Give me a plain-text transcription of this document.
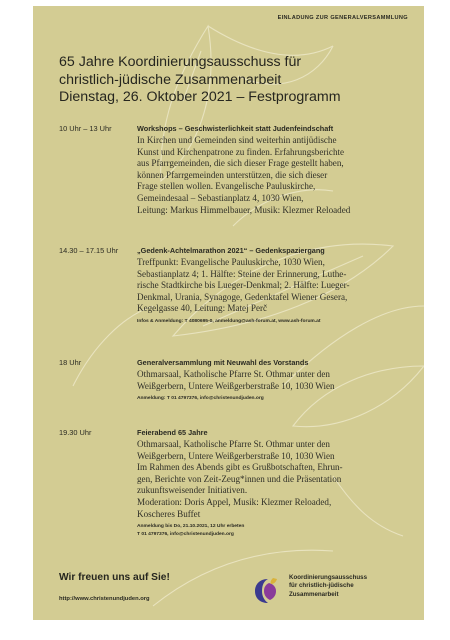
EINLADUNG ZUR GENERALVERSAMMLUNG

65 Jahre Koordinierungsausschuss für
christlich-jüdische Zusammenarbeit
Dienstag, 26. Oktober 2021 – Festprogramm
10 Uhr – 13 Uhr	Workshops – Geschwisterlichkeit statt Judenfeindschaft

In Kirchen und Gemeinden sind weiterhin antijüdische
Kunst und Kirchenpatrone zu finden. Erfahrungsberichte
aus Pfarrgemeinden, die sich dieser Frage gestellt haben,
können Pfarrgemeinden unterstützen, die sich dieser
Frage stellen wollen. Evangelische Pauluskirche,
Gemeindesaal – Sebastianplatz 4, 1030 Wien,
Leitung: Markus Himmelbauer, Musik: Klezmer Reloaded

14.30 – 17.15 Uhr	„Gedenk-Achtelmarathon 2021“ – Gedenkspaziergang

Treffpunkt: Evangelische Pauluskirche, 1030 Wien,
Sebastianplatz 4; 1. Hälfte: Steine der Erinnerung, Luthe-
rische Stadtkirche bis Lueger-Denkmal; 2. Hälfte: Lueger-
Denkmal, Urania, Synagoge, Gedenktafel Wiener Gesera,
Kegelgasse 40, Leitung: Matej Perč

Infos & Anmeldung: T 4080695-0, anmeldung@ash-forum.at, www.ash-forum.at

18 Uhr	Generalversammlung mit Neuwahl des Vorstands

Othmarsaal, Katholische Pfarre St. Othmar unter den
Weißgerbern, Untere Weißgerberstraße 10, 1030 Wien

Anmeldung: T 01 4797376, info@christenundjuden.org

19.30 Uhr	Feierabend 65 Jahre

Othmarsaal, Katholische Pfarre St. Othmar unter den
Weißgerbern, Untere Weißgerberstraße 10, 1030 Wien
Im Rahmen des Abends gibt es Grußbotschaften, Ehrun-
gen, Berichte von Zeit-Zeug*innen und die Präsentation
zukunftsweisender Initiativen.
Moderation: Doris Appel, Musik: Klezmer Reloaded,
Koscheres Buffet

Anmeldung bis Do, 21.10.2021, 12 Uhr erbeten
T 01 4797376, info@christenundjuden.org

Wir freuen uns auf Sie!

http://www.christenundjuden.org

Koordinierungsausschuss
für christlich-jüdische
Zusammenarbeit
